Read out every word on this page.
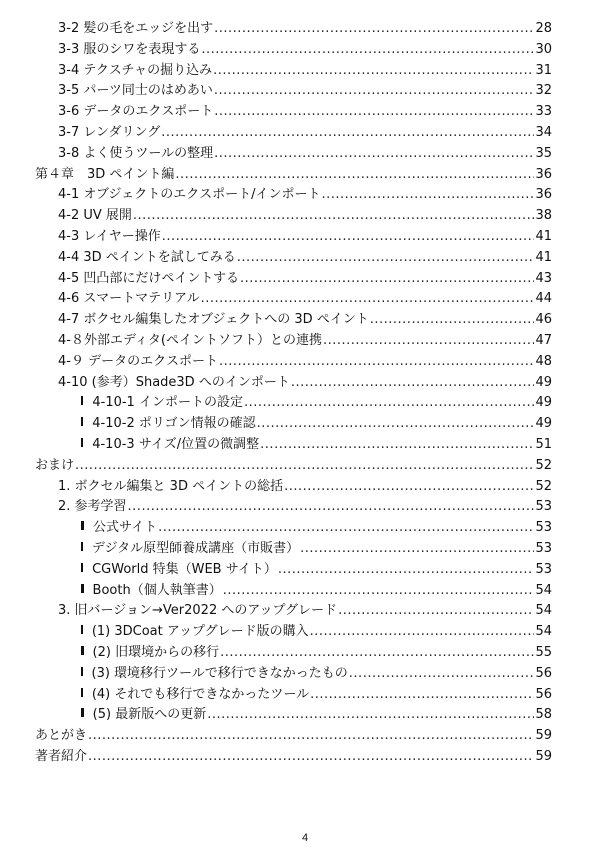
3-2 髪の毛をエッジを出す .....	28
3-3 服のシワを表現する .....	30
3-4 テクスチャの掘り込み .....	31
3-5 パーツ同士のはめあい .....	32
3-6 データのエクスポート .....	33
3-7 レンダリング .....	34
3-8 よく使うツールの整理 .....	35
第４章　3D ペイント編 .....	36
4-1 オブジェクトのエクスポート/インポート .....	36
4-2 UV 展開 .....	38
4-3 レイヤー操作 .....	41
4-4 3D ペイントを試してみる .....	41
4-5 凹凸部にだけペイントする .....	43
4-6 スマートマテリアル .....	44
4-7 ボクセル編集したオブジェクトへの 3D ペイント .....	46
4-８外部エディタ(ペイントソフト）との連携 .....	47
4-９ データのエクスポート .....	48
4-10 (参考）Shade3D へのインポート .....	49
4-10-1 インポートの設定 .....	49
4-10-2 ポリゴン情報の確認 .....	49
4-10-3 サイズ/位置の微調整 .....	51
おまけ .....	52
1. ボクセル編集と 3D ペイントの総括 .....	52
2. 参考学習 .....	53
公式サイト .....	53
デジタル原型師養成講座（市販書） .....	53
CGWorld 特集（WEB サイト） .....	53
Booth（個人執筆書） .....	54
3. 旧バージョン→Ver2022 へのアップグレード .....	54
(1) 3DCoat アップグレード版の購入 .....	54
(2) 旧環境からの移行 .....	55
(3) 環境移行ツールで移行できなかったもの .....	56
(4) それでも移行できなかったツール .....	56
(5) 最新版への更新 .....	58
あとがき .....	59
著者紹介 .....	59
4
